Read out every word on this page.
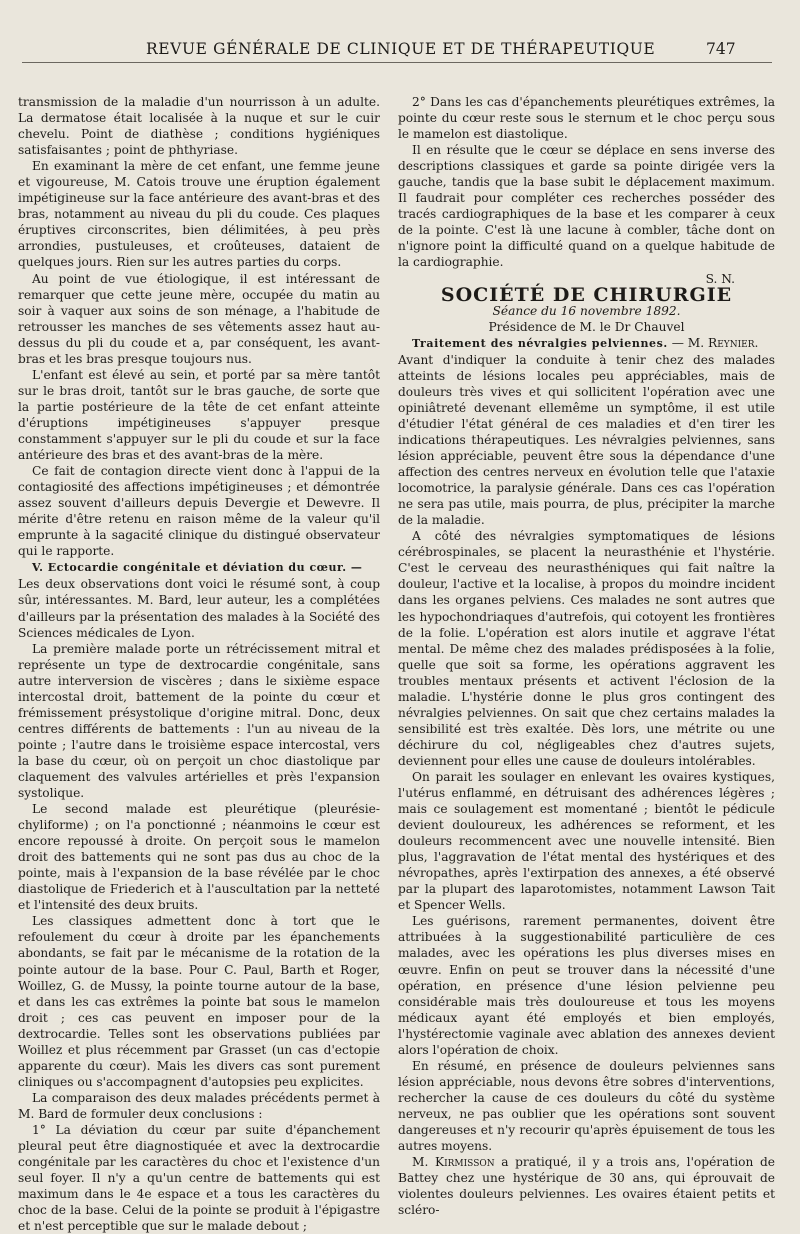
REVUE GÉNÉRALE DE CLINIQUE ET DE THÉRAPEUTIQUE	747

transmission de la maladie d'un nourrisson à un adulte. La dermatose était localisée à la nuque et sur le cuir chevelu. Point de diathèse ; conditions hygiéniques satisfaisantes ; point de phthyriase.

En examinant la mère de cet enfant, une femme jeune et vigoureuse, M. Catois trouve une éruption également impétigineuse sur la face antérieure des avant-bras et des bras, notamment au niveau du pli du coude. Ces plaques éruptives circonscrites, bien délimitées, à peu près arrondies, pustuleuses, et croûteuses, dataient de quelques jours. Rien sur les autres parties du corps.

Au point de vue étiologique, il est intéressant de remarquer que cette jeune mère, occupée du matin au soir à vaquer aux soins de son ménage, a l'habitude de retrousser les manches de ses vêtements assez haut au-dessus du pli du coude et a, par conséquent, les avant-bras et les bras presque toujours nus.

L'enfant est élevé au sein, et porté par sa mère tantôt sur le bras droit, tantôt sur le bras gauche, de sorte que la partie postérieure de la tête de cet enfant atteinte d'éruptions impétigineuses s'appuyer presque constamment s'appuyer sur le pli du coude et sur la face antérieure des bras et des avant-bras de la mère.

Ce fait de contagion directe vient donc à l'appui de la contagiosité des affections impétigineuses ; et démontrée assez souvent d'ailleurs depuis Devergie et Dewevre. Il mérite d'être retenu en raison même de la valeur qu'il emprunte à la sagacité clinique du distingué observateur qui le rapporte.

V. Ectocardie congénitale et déviation du cœur. —

Les deux observations dont voici le résumé sont, à coup sûr, intéressantes. M. Bard, leur auteur, les a complétées d'ailleurs par la présentation des malades à la Société des Sciences médicales de Lyon.

La première malade porte un rétrécissement mitral et représente un type de dextrocardie congénitale, sans autre interversion de viscères ; dans le sixième espace intercostal droit, battement de la pointe du cœur et frémissement présystolique d'origine mitral. Donc, deux centres différents de battements : l'un au niveau de la pointe ; l'autre dans le troisième espace intercostal, vers la base du cœur, où on perçoit un choc diastolique par claquement des valvules artérielles et près l'expansion systolique.

Le second malade est pleurétique (pleurésie-chyliforme) ; on l'a ponctionné ; néanmoins le cœur est encore repoussé à droite. On perçoit sous le mamelon droit des battements qui ne sont pas dus au choc de la pointe, mais à l'expansion de la base révélée par le choc diastolique de Friederich et à l'auscultation par la netteté et l'intensité des deux bruits.

Les classiques admettent donc à tort que le refoulement du cœur à droite par les épanchements abondants, se fait par le mécanisme de la rotation de la pointe autour de la base. Pour C. Paul, Barth et Roger, Woillez, G. de Mussy, la pointe tourne autour de la base, et dans les cas extrêmes la pointe bat sous le mamelon droit ; ces cas peuvent en imposer pour de la dextrocardie. Telles sont les observations publiées par Woillez et plus récemment par Grasset (un cas d'ectopie apparente du cœur). Mais les divers cas sont purement cliniques ou s'accompagnent d'autopsies peu explicites.

La comparaison des deux malades précédents permet à M. Bard de formuler deux conclusions :

1° La déviation du cœur par suite d'épanchement pleural peut être diagnostiquée et avec la dextrocardie congénitale par les caractères du choc et l'existence d'un seul foyer. Il n'y a qu'un centre de battements qui est maximum dans le 4e espace et a tous les caractères du choc de la base. Celui de la pointe se produit à l'épigastre et n'est perceptible que sur le malade debout ;

2° Dans les cas d'épanchements pleurétiques extrêmes, la pointe du cœur reste sous le sternum et le choc perçu sous le mamelon est diastolique.

Il en résulte que le cœur se déplace en sens inverse des descriptions classiques et garde sa pointe dirigée vers la gauche, tandis que la base subit le déplacement maximum. Il faudrait pour compléter ces recherches posséder des tracés cardiographiques de la base et les comparer à ceux de la pointe. C'est là une lacune à combler, tâche dont on n'ignore point la difficulté quand on a quelque habitude de la cardiographie.

S. N.

SOCIÉTÉ DE CHIRURGIE

Séance du 16 novembre 1892.

Présidence de M. le Dr Chauvel

Traitement des névralgies pelviennes. — M. Reynier.

Avant d'indiquer la conduite à tenir chez des malades atteints de lésions locales peu appréciables, mais de douleurs très vives et qui sollicitent l'opération avec une opiniâtreté devenant ellemême un symptôme, il est utile d'étudier l'état général de ces maladies et d'en tirer les indications thérapeutiques. Les névralgies pelviennes, sans lésion appréciable, peuvent être sous la dépendance d'une affection des centres nerveux en évolution telle que l'ataxie locomotrice, la paralysie générale. Dans ces cas l'opération ne sera pas utile, mais pourra, de plus, précipiter la marche de la maladie.

A côté des névralgies symptomatiques de lésions cérébrospinales, se placent la neurasthénie et l'hystérie. C'est le cerveau des neurasthéniques qui fait naître la douleur, l'active et la localise, à propos du moindre incident dans les organes pelviens. Ces malades ne sont autres que les hypochondriaques d'autrefois, qui cotoyent les frontières de la folie. L'opération est alors inutile et aggrave l'état mental. De même chez des malades prédisposées à la folie, quelle que soit sa forme, les opérations aggravent les troubles mentaux présents et activent l'éclosion de la maladie. L'hystérie donne le plus gros contingent des névralgies pelviennes. On sait que chez certains malades la sensibilité est très exaltée. Dès lors, une métrite ou une déchirure du col, négligeables chez d'autres sujets, deviennent pour elles une cause de douleurs intolérables.

On parait les soulager en enlevant les ovaires kystiques, l'utérus enflammé, en détruisant des adhérences légères ; mais ce soulagement est momentané ; bientôt le pédicule devient douloureux, les adhérences se reforment, et les douleurs recommencent avec une nouvelle intensité. Bien plus, l'aggravation de l'état mental des hystériques et des névropathes, après l'extirpation des annexes, a été observé par la plupart des laparotomistes, notamment Lawson Tait et Spencer Wells.

Les guérisons, rarement permanentes, doivent être attribuées à la suggestionabilité particulière de ces malades, avec les opérations les plus diverses mises en œuvre. Enfin on peut se trouver dans la nécessité d'une opération, en présence d'une lésion pelvienne peu considérable mais très douloureuse et tous les moyens médicaux ayant été employés et bien employés, l'hystérectomie vaginale avec ablation des annexes devient alors l'opération de choix.

En résumé, en présence de douleurs pelviennes sans lésion appréciable, nous devons être sobres d'interventions, rechercher la cause de ces douleurs du côté du système nerveux, ne pas oublier que les opérations sont souvent dangereuses et n'y recourir qu'après épuisement de tous les autres moyens.

M. Kirmisson a pratiqué, il y a trois ans, l'opération de Battey chez une hystérique de 30 ans, qui éprouvait de violentes douleurs pelviennes. Les ovaires étaient petits et scléro-
